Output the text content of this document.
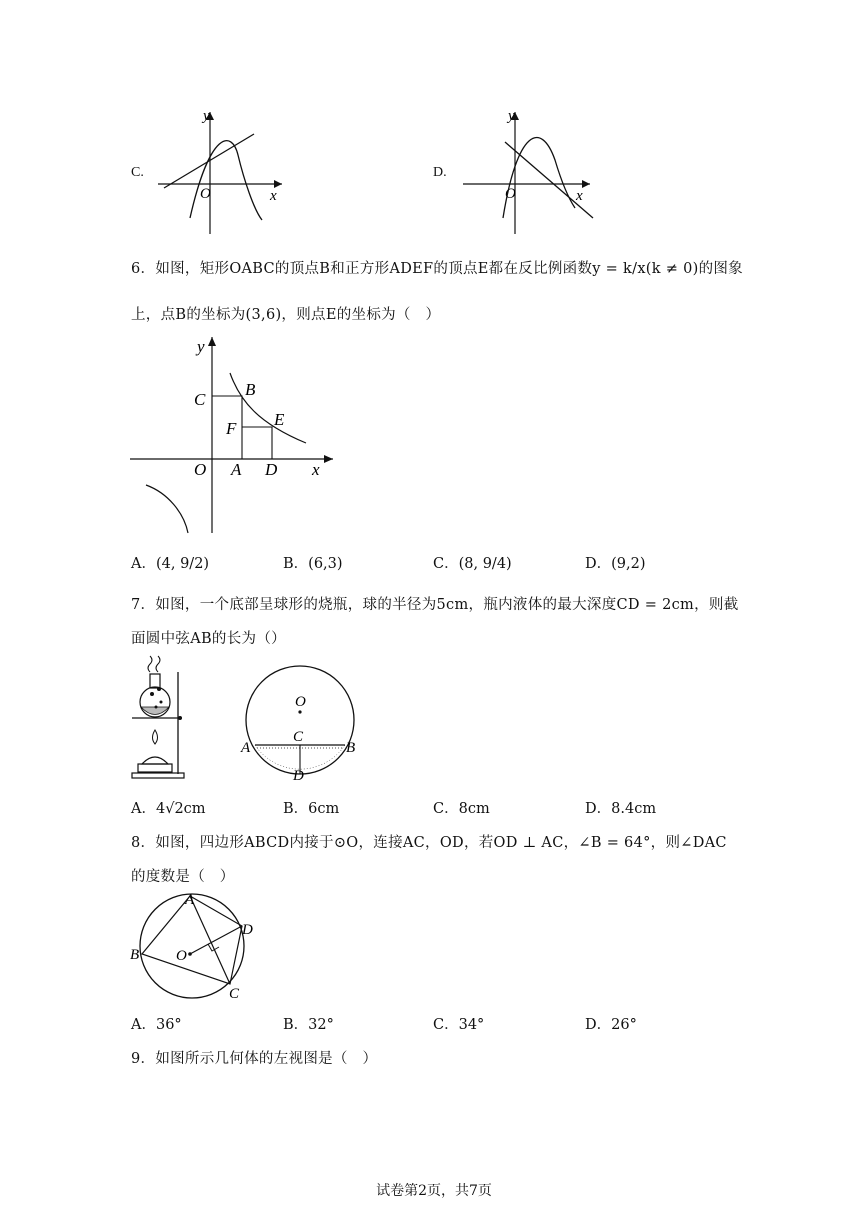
C.
y
x
O
D.
y
x
O
6．如图，矩形OABC的顶点B和正方形ADEF的顶点E都在反比例函数y = k/x(k ≠ 0)的图象
上，点B的坐标为(3,6)，则点E的坐标为（　）
y
x
O
C
B
F E
A D
A．(4, 9/2)	B．(6,3)	C．(8, 9/4)	D．(9,2)
7．如图，一个底部呈球形的烧瓶，球的半径为5cm，瓶内液体的最大深度CD = 2cm，则截
面圆中弦AB的长为（）
O
A	B
C
D
A．4√2cm	B．6cm	C．8cm	D．8.4cm
8．如图，四边形ABCD内接于⊙O，连接AC，OD，若OD ⊥ AC，∠B = 64°，则∠DAC
的度数是（　）
A
B
C
D
O
A．36°	B．32°	C．34°	D．26°
9．如图所示几何体的左视图是（　）
试卷第2页，共7页
